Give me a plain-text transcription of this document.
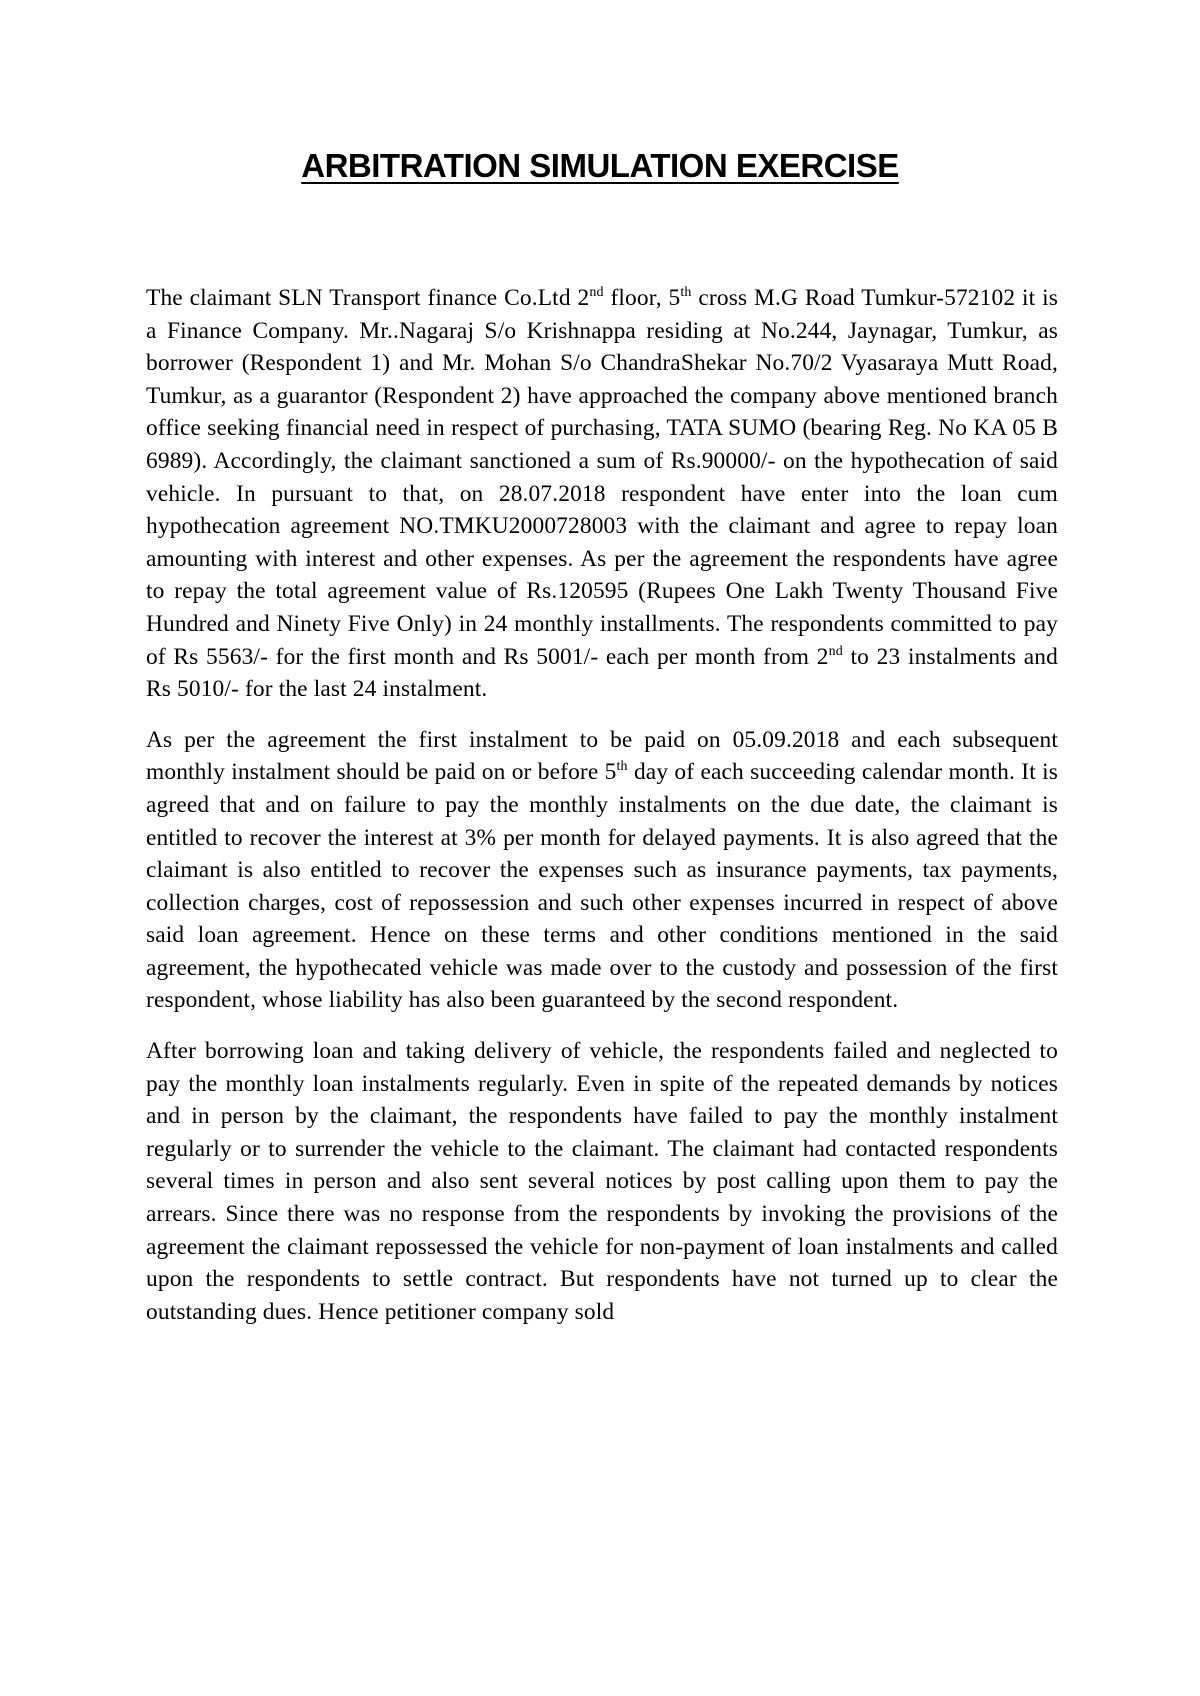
ARBITRATION SIMULATION EXERCISE

The claimant SLN Transport finance Co.Ltd 2nd floor, 5th cross M.G Road Tumkur-572102 it is a Finance Company. Mr..Nagaraj S/o Krishnappa residing at No.244, Jaynagar, Tumkur, as borrower (Respondent 1) and Mr. Mohan S/o ChandraShekar No.70/2 Vyasaraya Mutt Road, Tumkur, as a guarantor (Respondent 2) have approached the company above mentioned branch office seeking financial need in respect of purchasing, TATA SUMO (bearing Reg. No KA 05 B 6989). Accordingly, the claimant sanctioned a sum of Rs.90000/- on the hypothecation of said vehicle. In pursuant to that, on 28.07.2018 respondent have enter into the loan cum hypothecation agreement NO.TMKU2000728003 with the claimant and agree to repay loan amounting with interest and other expenses. As per the agreement the respondents have agree to repay the total agreement value of Rs.120595 (Rupees One Lakh Twenty Thousand Five Hundred and Ninety Five Only) in 24 monthly installments. The respondents committed to pay of Rs 5563/- for the first month and Rs 5001/- each per month from 2nd to 23 instalments and Rs 5010/- for the last 24 instalment.

As per the agreement the first instalment to be paid on 05.09.2018 and each subsequent monthly instalment should be paid on or before 5th day of each succeeding calendar month. It is agreed that and on failure to pay the monthly instalments on the due date, the claimant is entitled to recover the interest at 3% per month for delayed payments. It is also agreed that the claimant is also entitled to recover the expenses such as insurance payments, tax payments, collection charges, cost of repossession and such other expenses incurred in respect of above said loan agreement. Hence on these terms and other conditions mentioned in the said agreement, the hypothecated vehicle was made over to the custody and possession of the first respondent, whose liability has also been guaranteed by the second respondent.

After borrowing loan and taking delivery of vehicle, the respondents failed and neglected to pay the monthly loan instalments regularly. Even in spite of the repeated demands by notices and in person by the claimant, the respondents have failed to pay the monthly instalment regularly or to surrender the vehicle to the claimant. The claimant had contacted respondents several times in person and also sent several notices by post calling upon them to pay the arrears. Since there was no response from the respondents by invoking the provisions of the agreement the claimant repossessed the vehicle for non-payment of loan instalments and called upon the respondents to settle contract. But respondents have not turned up to clear the outstanding dues. Hence petitioner company sold
